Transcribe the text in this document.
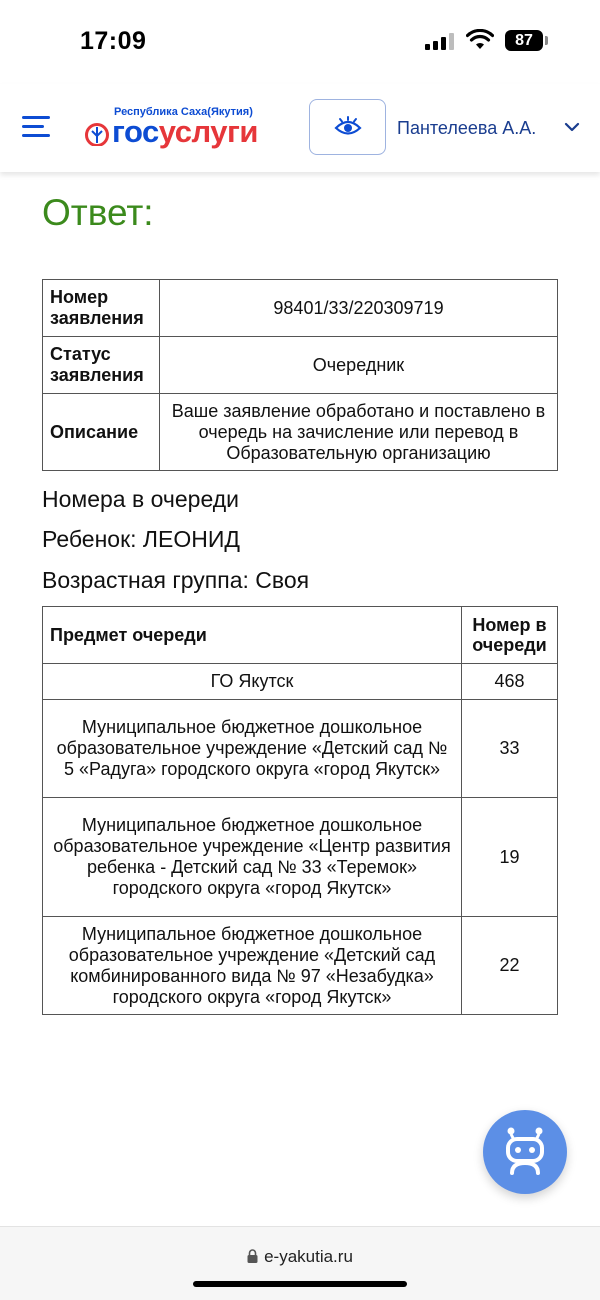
17:09	87
Республика Саха(Якутия)
госуслуги	Пантелеева А.А.
Ответ:
Номер заявления	98401/33/220309719
Статус заявления	Очередник
Описание	Ваше заявление обработано и поставлено в очередь на зачисление или перевод в Образовательную организацию
Номера в очереди
Ребенок: ЛЕОНИД
Возрастная группа: Своя
Предмет очереди	Номер в очереди
ГО Якутск	468
Муниципальное бюджетное дошкольное образовательное учреждение «Детский сад № 5 «Радуга» городского округа «город Якутск»	33
Муниципальное бюджетное дошкольное образовательное учреждение «Центр развития ребенка - Детский сад № 33 «Теремок» городского округа «город Якутск»	19
Муниципальное бюджетное дошкольное образовательное учреждение «Детский сад комбинированного вида № 97 «Незабудка» городского округа «город Якутск»	22
e-yakutia.ru
